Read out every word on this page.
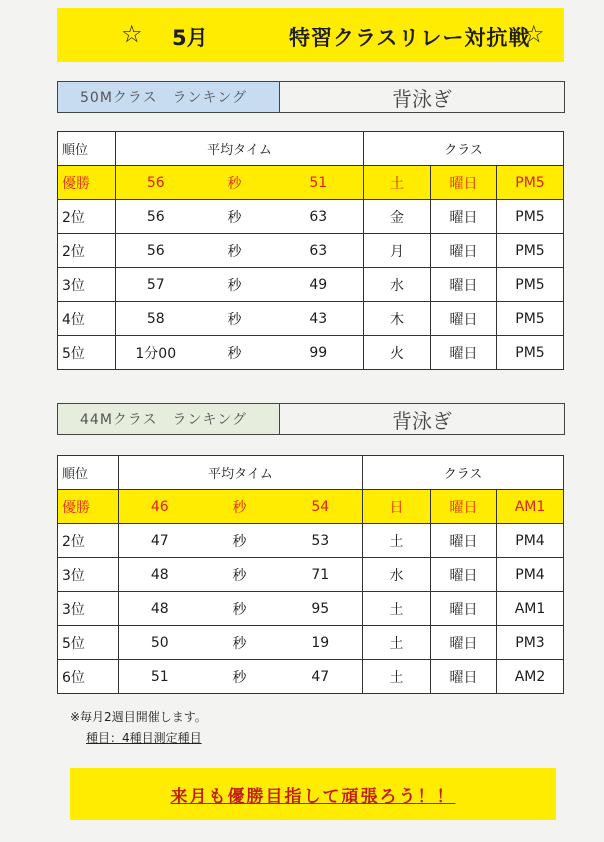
☆ 5月	特習クラスリレー対抗戦
☆
50Mクラス　ランキング	背泳ぎ
順位	平均タイム			クラス		
優勝	56	秒	51	土	曜日	PM5
2位	56	秒	63	金	曜日	PM5
2位	56	秒	63	月	曜日	PM5
3位	57	秒	49	水	曜日	PM5
4位	58	秒	43	木	曜日	PM5
5位	1分00	秒	99	火	曜日	PM5
44Mクラス　ランキング	背泳ぎ
順位	平均タイム			クラス		
優勝	46	秒	54	日	曜日	AM1
2位	47	秒	53	土	曜日	PM4
3位	48	秒	71	水	曜日	PM4
3位	48	秒	95	土	曜日	AM1
5位	50	秒	19	土	曜日	PM3
6位	51	秒	47	土	曜日	AM2
※毎月2週目開催します。
種目：4種目測定種目
来月も優勝目指して頑張ろう！！
